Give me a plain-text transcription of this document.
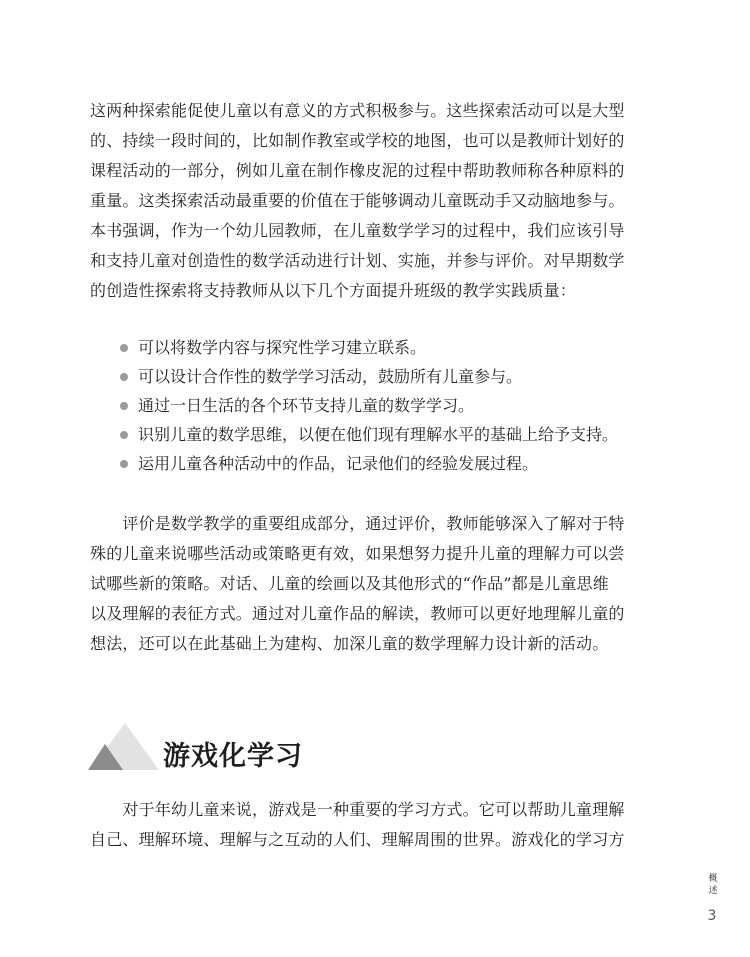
这两种探索能促使儿童以有意义的方式积极参与。这些探索活动可以是大型
的、持续一段时间的，比如制作教室或学校的地图，也可以是教师计划好的
课程活动的一部分，例如儿童在制作橡皮泥的过程中帮助教师称各种原料的
重量。这类探索活动最重要的价值在于能够调动儿童既动手又动脑地参与。
本书强调，作为一个幼儿园教师，在儿童数学学习的过程中，我们应该引导
和支持儿童对创造性的数学活动进行计划、实施，并参与评价。对早期数学
的创造性探索将支持教师从以下几个方面提升班级的教学实践质量：
可以将数学内容与探究性学习建立联系。
可以设计合作性的数学学习活动，鼓励所有儿童参与。
通过一日生活的各个环节支持儿童的数学学习。
识别儿童的数学思维，以便在他们现有理解水平的基础上给予支持。
运用儿童各种活动中的作品，记录他们的经验发展过程。
　　评价是数学教学的重要组成部分，通过评价，教师能够深入了解对于特
殊的儿童来说哪些活动或策略更有效，如果想努力提升儿童的理解力可以尝
试哪些新的策略。对话、儿童的绘画以及其他形式的“作品”都是儿童思维
以及理解的表征方式。通过对儿童作品的解读，教师可以更好地理解儿童的
想法，还可以在此基础上为建构、加深儿童的数学理解力设计新的活动。
游戏化学习
　　对于年幼儿童来说，游戏是一种重要的学习方式。它可以帮助儿童理解
自己、理解环境、理解与之互动的人们、理解周围的世界。游戏化的学习方
概
述
3
